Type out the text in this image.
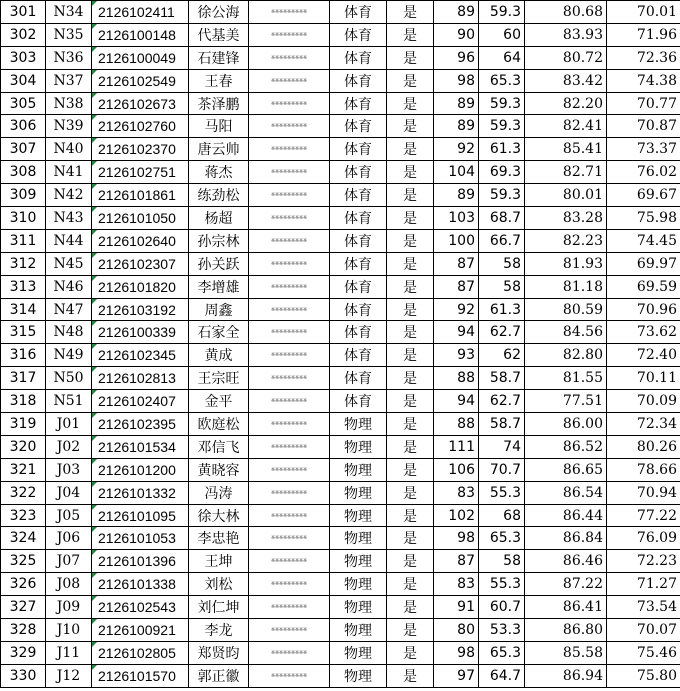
301	N34	2126102411	徐公海	※※※※※※※※※	体育	是	89	59.3	80.68	70.01
302	N35	2126100148	代基美	※※※※※※※※※	体育	是	90	60	83.93	71.96
303	N36	2126100049	石建锋	※※※※※※※※※	体育	是	96	64	80.72	72.36
304	N37	2126102549	王春	※※※※※※※※※	体育	是	98	65.3	83.42	74.38
305	N38	2126102673	茶泽鹏	※※※※※※※※※	体育	是	89	59.3	82.20	70.77
306	N39	2126102760	马阳	※※※※※※※※※	体育	是	89	59.3	82.41	70.87
307	N40	2126102370	唐云帅	※※※※※※※※※	体育	是	92	61.3	85.41	73.37
308	N41	2126102751	蒋杰	※※※※※※※※※	体育	是	104	69.3	82.71	76.02
309	N42	2126101861	练劲松	※※※※※※※※※	体育	是	89	59.3	80.01	69.67
310	N43	2126101050	杨超	※※※※※※※※※	体育	是	103	68.7	83.28	75.98
311	N44	2126102640	孙宗林	※※※※※※※※※	体育	是	100	66.7	82.23	74.45
312	N45	2126102307	孙关跃	※※※※※※※※※	体育	是	87	58	81.93	69.97
313	N46	2126101820	李增雄	※※※※※※※※※	体育	是	87	58	81.18	69.59
314	N47	2126103192	周鑫	※※※※※※※※※	体育	是	92	61.3	80.59	70.96
315	N48	2126100339	石家全	※※※※※※※※※	体育	是	94	62.7	84.56	73.62
316	N49	2126102345	黄成	※※※※※※※※※	体育	是	93	62	82.80	72.40
317	N50	2126102813	王宗旺	※※※※※※※※※	体育	是	88	58.7	81.55	70.11
318	N51	2126102407	金平	※※※※※※※※※	体育	是	94	62.7	77.51	70.09
319	J01	2126102395	欧庭松	※※※※※※※※※	物理	是	88	58.7	86.00	72.34
320	J02	2126101534	邓信飞	※※※※※※※※※	物理	是	111	74	86.52	80.26
321	J03	2126101200	黄晓容	※※※※※※※※※	物理	是	106	70.7	86.65	78.66
322	J04	2126101332	冯涛	※※※※※※※※※	物理	是	83	55.3	86.54	70.94
323	J05	2126101095	徐大林	※※※※※※※※※	物理	是	102	68	86.44	77.22
324	J06	2126101053	李忠艳	※※※※※※※※※	物理	是	98	65.3	86.84	76.09
325	J07	2126101396	王坤	※※※※※※※※※	物理	是	87	58	86.46	72.23
326	J08	2126101338	刘松	※※※※※※※※※	物理	是	83	55.3	87.22	71.27
327	J09	2126102543	刘仁坤	※※※※※※※※※	物理	是	91	60.7	86.41	73.54
328	J10	2126100921	李龙	※※※※※※※※※	物理	是	80	53.3	86.80	70.07
329	J11	2126102805	郑贤昀	※※※※※※※※※	物理	是	98	65.3	85.58	75.46
330	J12	2126101570	郭正徽	※※※※※※※※※	物理	是	97	64.7	86.94	75.80
